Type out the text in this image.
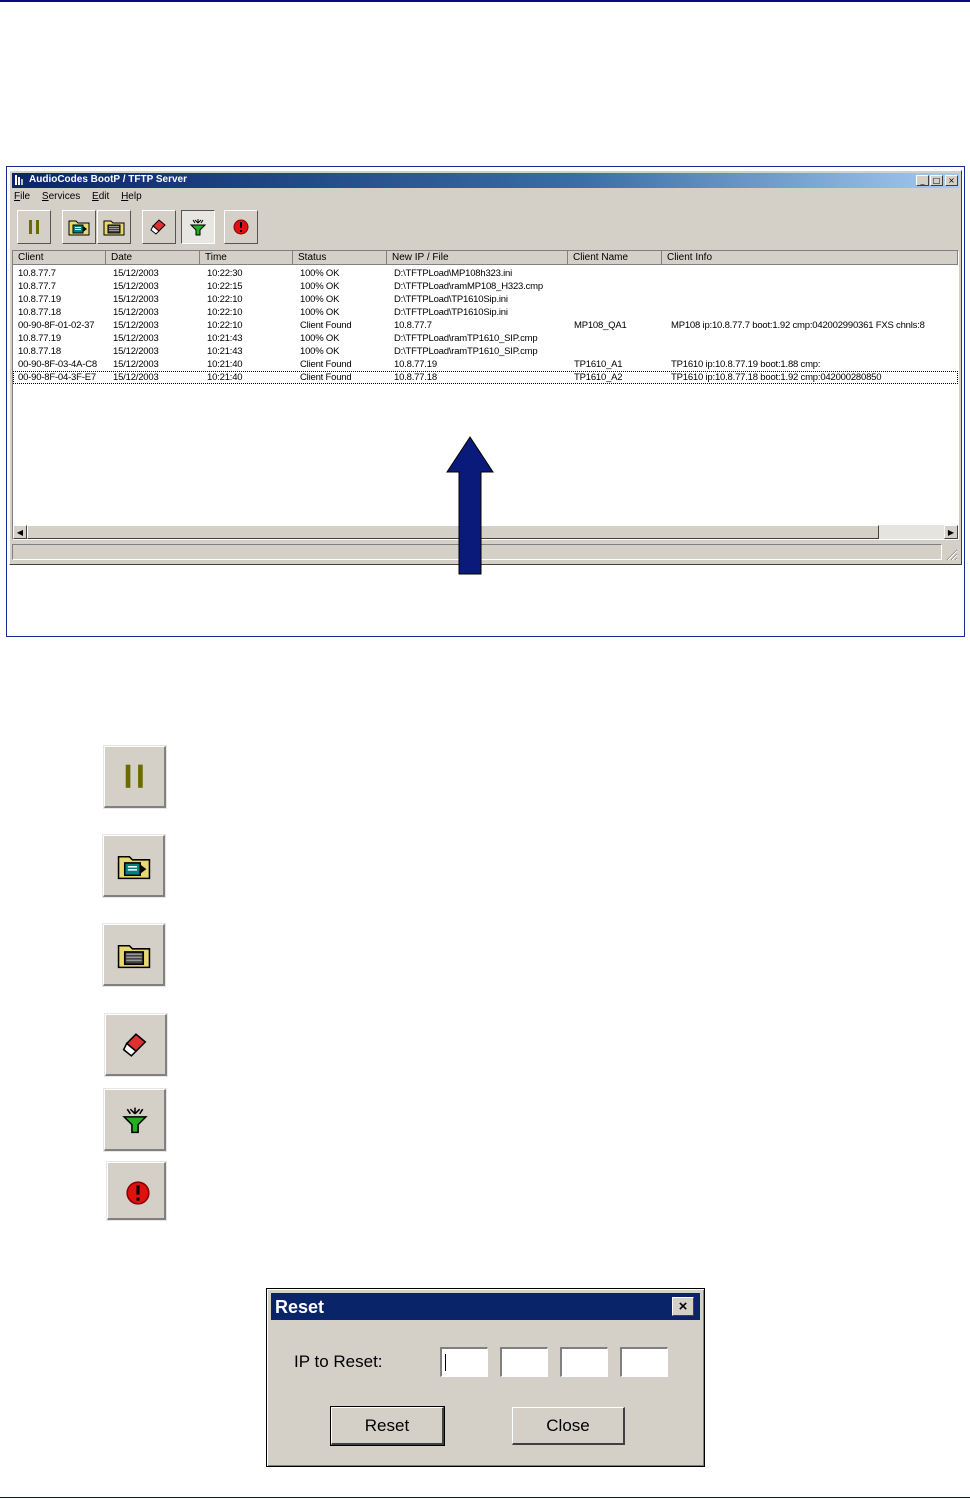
AudioCodes BootP / TFTP Server	_	□ ×
File Services Edit Help
Client	Date	Time	Status	New IP / File	Client Name	Client Info
10.8.77.7	15/12/2003	10:22:30	100% OK	D:\TFTPLoad\MP108h323.ini
10.8.77.7	15/12/2003	10:22:15	100% OK	D:\TFTPLoad\ramMP108_H323.cmp
10.8.77.19	15/12/2003	10:22:10	100% OK	D:\TFTPLoad\TP1610Sip.ini
10.8.77.18	15/12/2003	10:22:10	100% OK	D:\TFTPLoad\TP1610Sip.ini
00-90-8F-01-02-37 15/12/2003	10:22:10	Client Found	10.8.77.7	MP108_QA1	MP108 ip:10.8.77.7 boot:1.92 cmp:042002990361 FXS chnls:8
10.8.77.19	15/12/2003	10:21:43	100% OK	D:\TFTPLoad\ramTP1610_SIP.cmp
10.8.77.18	15/12/2003	10:21:43	100% OK	D:\TFTPLoad\ramTP1610_SIP.cmp
00-90-8F-03-4A-C8 15/12/2003	10:21:40	Client Found	10.8.77.19	TP1610_A1	TP1610 ip:10.8.77.19 boot:1.88 cmp:
00-90-8F-04-3F-E7 15/12/2003	10:21:40	Client Found	10.8.77.18	TP1610_A2	TP1610 ip:10.8.77.18 boot:1.92 cmp:042000280850
◀	▶
Reset	×
IP to Reset:
Reset	Close
